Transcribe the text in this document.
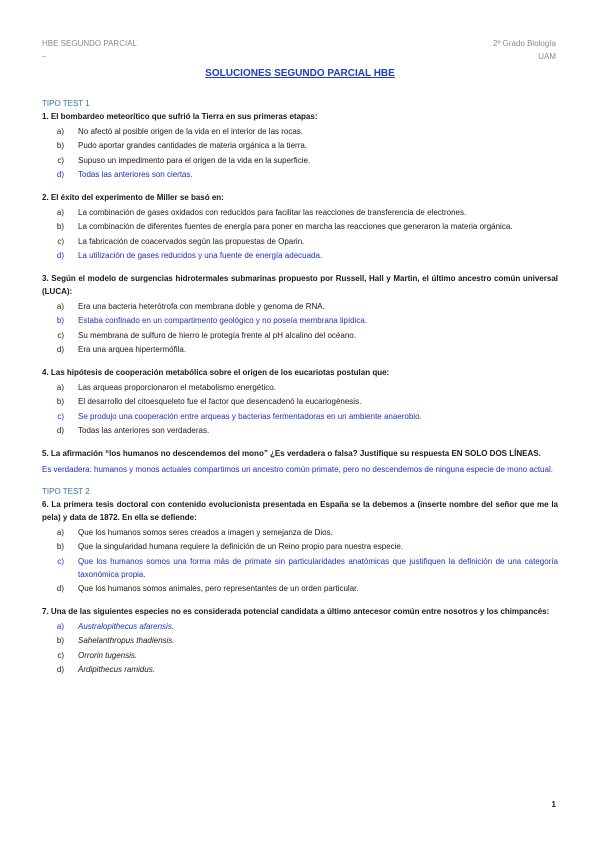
HBE SEGUNDO PARCIAL
–
2º Grado Biología
UAM
SOLUCIONES SEGUNDO PARCIAL HBE
TIPO TEST 1
1. El bombardeo meteorítico que sufrió la Tierra en sus primeras etapas:
a)	No afectó al posible origen de la vida en el interior de las rocas.
b)	Pudo aportar grandes cantidades de materia orgánica a la tierra.
c)	Supuso un impedimento para el origen de la vida en la superficie.
d)	Todas las anteriores son ciertas.
2. El éxito del experimento de Miller se basó en:
a)	La combinación de gases oxidados con reducidos para facilitar las reacciones de transferencia de electrones.
b)	La combinación de diferentes fuentes de energía para poner en marcha las reacciones que generaron la materia orgánica.
c)	La fabricación de coacervados según las propuestas de Oparin.
d)	La utilización de gases reducidos y una fuente de energía adecuada.
3. Según el modelo de surgencias hidrotermales submarinas propuesto por Russell, Hall y Martin, el último ancestro común universal (LUCA):
a)	Era una bacteria heterótrofa con membrana doble y genoma de RNA.
b)	Estaba confinado en un compartimento geológico y no poseía membrana lipídica.
c)	Su membrana de sulfuro de hierro le protegía frente al pH alcalino del océano.
d)	Era una arquea hipertermófila.
4. Las hipótesis de cooperación metabólica sobre el origen de los eucariotas postulan que:
a)	Las arqueas proporcionaron el metabolismo energético.
b)	El desarrollo del citoesqueleto fue el factor que desencadenó la eucariogénesis.
c)	Se produjo una cooperación entre arqueas y bacterias fermentadoras en un ambiente anaerobio.
d)	Todas las anteriores son verdaderas.
5. La afirmación “los humanos no descendemos del mono” ¿Es verdadera o falsa? Justifique su respuesta EN SOLO DOS LÍNEAS.
Es verdadera: humanos y monos actuales compartimos un ancestro común primate, pero no descendemos de ninguna especie de mono actual.
TIPO TEST 2
6. La primera tesis doctoral con contenido evolucionista presentada en España se la debemos a (inserte nombre del señor que me la pela) y data de 1872. En ella se defiende:
a)	Que los humanos somos seres creados a imagen y semejanza de Dios.
b)	Que la singularidad humana requiere la definición de un Reino propio para nuestra especie.
c)	Que los humanos somos una forma más de primate sin particularidades anatómicas que justifiquen la definición de una categoría taxonómica propia.
d)	Que los humanos somos animales, pero representantes de un orden particular.
7. Una de las siguientes especies no es considerada potencial candidata a último antecesor común entre nosotros y los chimpancés:
a)	Australopithecus afarensis.
b)	Sahelanthropus thadiensis.
c)	Orrorin tugensis.
d)	Ardipithecus ramidus.
1
